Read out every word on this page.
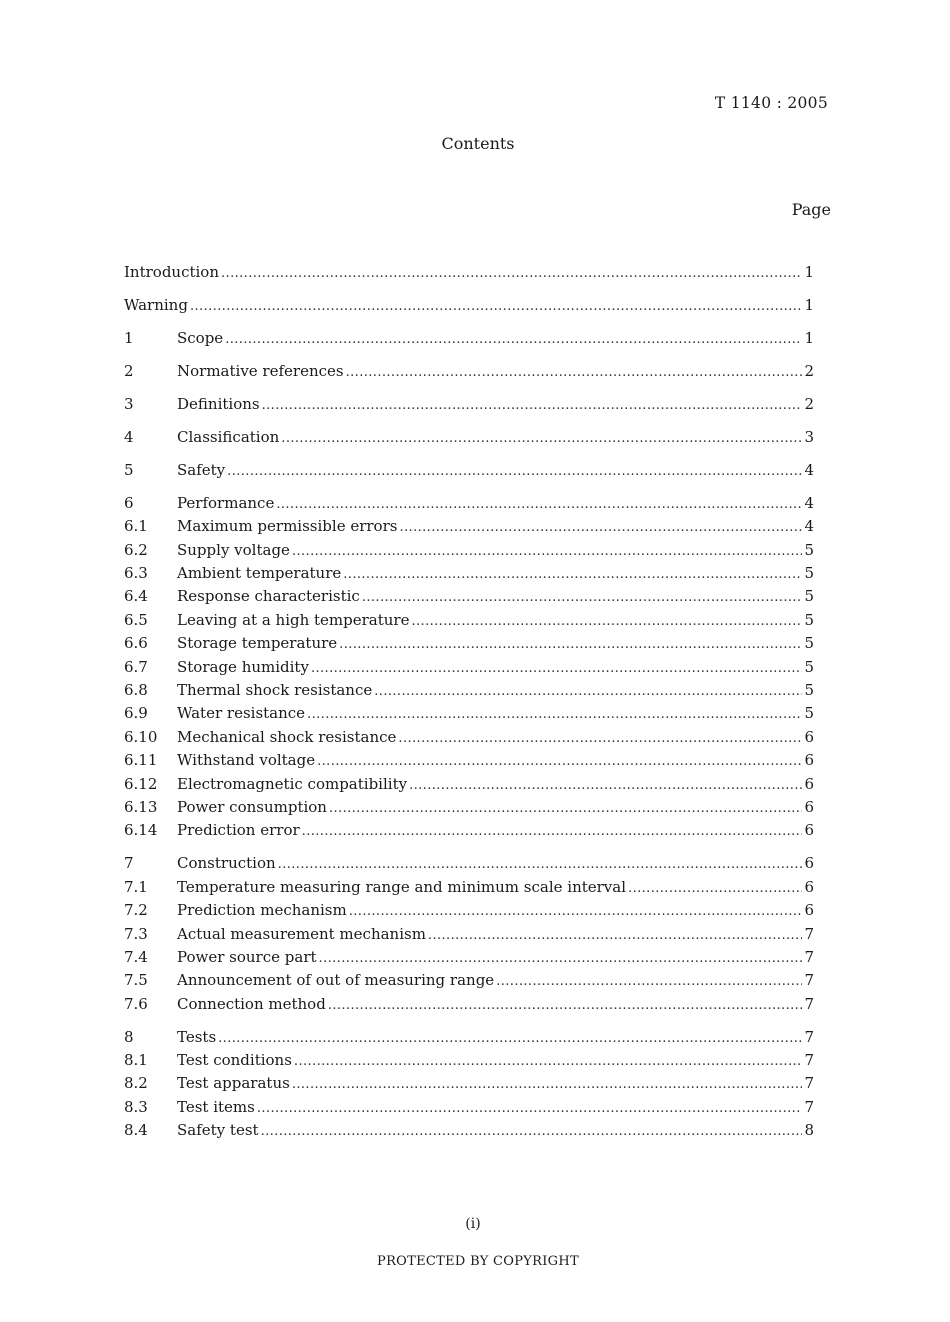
T 1140 : 2005
Contents
Page
Introduction .....	1
Warning .....	1
1	Scope .....	1
2	Normative references .....	2
3	Definitions .....	2
4	Classification .....	3
5	Safety .....	4
6	Performance .....	4
6.1	Maximum permissible errors .....	4
6.2	Supply voltage .....	5
6.3	Ambient temperature .....	5
6.4	Response characteristic .....	5
6.5	Leaving at a high temperature .....	5
6.6	Storage temperature .....	5
6.7	Storage humidity .....	5
6.8	Thermal shock resistance .....	5
6.9	Water resistance .....	5
6.10	Mechanical shock resistance .....	6
6.11	Withstand voltage .....	6
6.12	Electromagnetic compatibility .....	6
6.13	Power consumption .....	6
6.14	Prediction error .....	6
7	Construction .....	6
7.1	Temperature measuring range and minimum scale interval .....	6
7.2	Prediction mechanism .....	6
7.3	Actual measurement mechanism .....	7
7.4	Power source part .....	7
7.5	Announcement of out of measuring range .....	7
7.6	Connection method .....	7
8	Tests .....	7
8.1	Test conditions .....	7
8.2	Test apparatus .....	7
8.3	Test items .....	7
8.4	Safety test .....	8
(i)
PROTECTED BY COPYRIGHT
